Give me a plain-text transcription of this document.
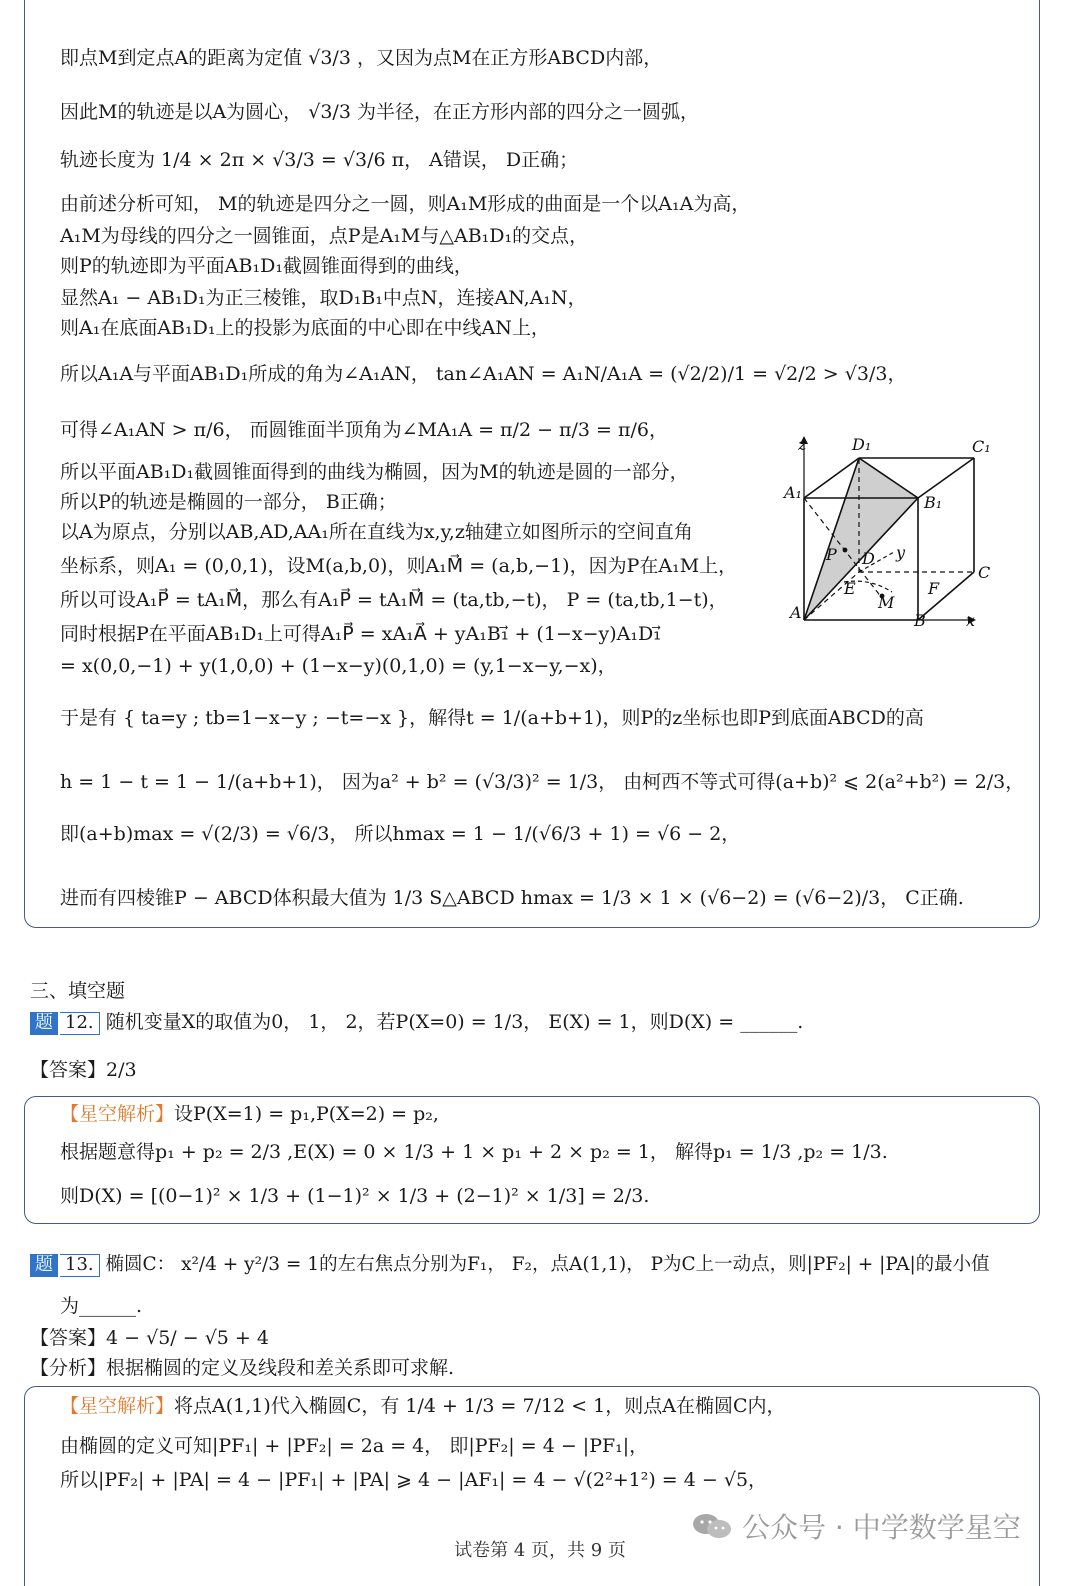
即点M到定点A的距离为定值 √3/3 ，又因为点M在正方形ABCD内部，
因此M的轨迹是以A为圆心， √3/3 为半径，在正方形内部的四分之一圆弧，
轨迹长度为 1/4 × 2π × √3/3 = √3/6 π， A错误， D正确；
由前述分析可知， M的轨迹是四分之一圆，则A₁M形成的曲面是一个以A₁A为高，
A₁M为母线的四分之一圆锥面，点P是A₁M与△AB₁D₁的交点，
则P的轨迹即为平面AB₁D₁截圆锥面得到的曲线，
显然A₁ − AB₁D₁为正三棱锥，取D₁B₁中点N，连接AN,A₁N，
则A₁在底面AB₁D₁上的投影为底面的中心即在中线AN上，
所以A₁A与平面AB₁D₁所成的角为∠A₁AN， tan∠A₁AN = A₁N/A₁A = (√2/2)/1 = √2/2 > √3/3，
可得∠A₁AN > π/6， 而圆锥面半顶角为∠MA₁A = π/2 − π/3 = π/6，
所以平面AB₁D₁截圆锥面得到的曲线为椭圆，因为M的轨迹是圆的一部分，
所以P的轨迹是椭圆的一部分， B正确；
以A为原点，分别以AB,AD,AA₁所在直线为x,y,z轴建立如图所示的空间直角
坐标系，则A₁ = (0,0,1)，设M(a,b,0)，则A₁M⃗ = (a,b,−1)，因为P在A₁M上，
所以可设A₁P⃗ = tA₁M⃗，那么有A₁P⃗ = tA₁M⃗ = (ta,tb,−t)， P = (ta,tb,1−t)，
同时根据P在平面AB₁D₁上可得A₁P⃗ = xA₁A⃗ + yA₁B₁⃗ + (1−x−y)A₁D₁⃗
= x(0,0,−1) + y(1,0,0) + (1−x−y)(0,1,0) = (y,1−x−y,−x)，
于是有 { ta=y ; tb=1−x−y ; −t=−x }，解得t = 1/(a+b+1)，则P的z坐标也即P到底面ABCD的高
h = 1 − t = 1 − 1/(a+b+1)， 因为a² + b² = (√3/3)² = 1/3， 由柯西不等式可得(a+b)² ⩽ 2(a²+b²) = 2/3，
即(a+b)max = √(2/3) = √6/3， 所以hmax = 1 − 1/(√6/3 + 1) = √6 − 2，
进而有四棱锥P − ABCD体积最大值为 1/3 S△ABCD hmax = 1/3 × 1 × (√6−2) = (√6−2)/3， C正确.
z	D₁	C₁
A₁
B₁
P D y
C
E
M
F
A	B	x
三、填空题
题 12. 随机变量X的取值为0， 1， 2，若P(X=0) = 1/3， E(X) = 1，则D(X) = ______.
【答案】2/3
【星空解析】设P(X=1) = p₁,P(X=2) = p₂,
根据题意得p₁ + p₂ = 2/3 ,E(X) = 0 × 1/3 + 1 × p₁ + 2 × p₂ = 1， 解得p₁ = 1/3 ,p₂ = 1/3.
则D(X) = [(0−1)² × 1/3 + (1−1)² × 1/3 + (2−1)² × 1/3] = 2/3.
题 13. 椭圆C： x²/4 + y²/3 = 1的左右焦点分别为F₁， F₂，点A(1,1)， P为C上一动点，则|PF₂| + |PA|的最小值
为______.
【答案】4 − √5/ − √5 + 4
【分析】根据椭圆的定义及线段和差关系即可求解.
【星空解析】将点A(1,1)代入椭圆C，有 1/4 + 1/3 = 7/12 < 1，则点A在椭圆C内，
由椭圆的定义可知|PF₁| + |PF₂| = 2a = 4， 即|PF₂| = 4 − |PF₁|，
所以|PF₂| + |PA| = 4 − |PF₁| + |PA| ⩾ 4 − |AF₁| = 4 − √(2²+1²) = 4 − √5，
公众号 · 中学数学星空
试卷第 4 页，共 9 页
